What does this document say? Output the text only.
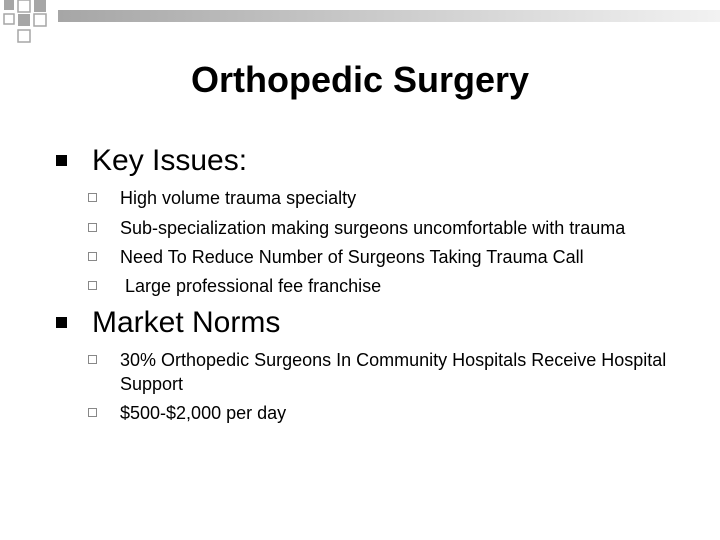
Orthopedic Surgery
Key Issues:
High volume trauma specialty
Sub-specialization making surgeons uncomfortable with trauma
Need To Reduce Number of Surgeons Taking Trauma Call
Large professional fee franchise
Market Norms
30% Orthopedic Surgeons In Community Hospitals Receive Hospital Support
$500-$2,000 per day
